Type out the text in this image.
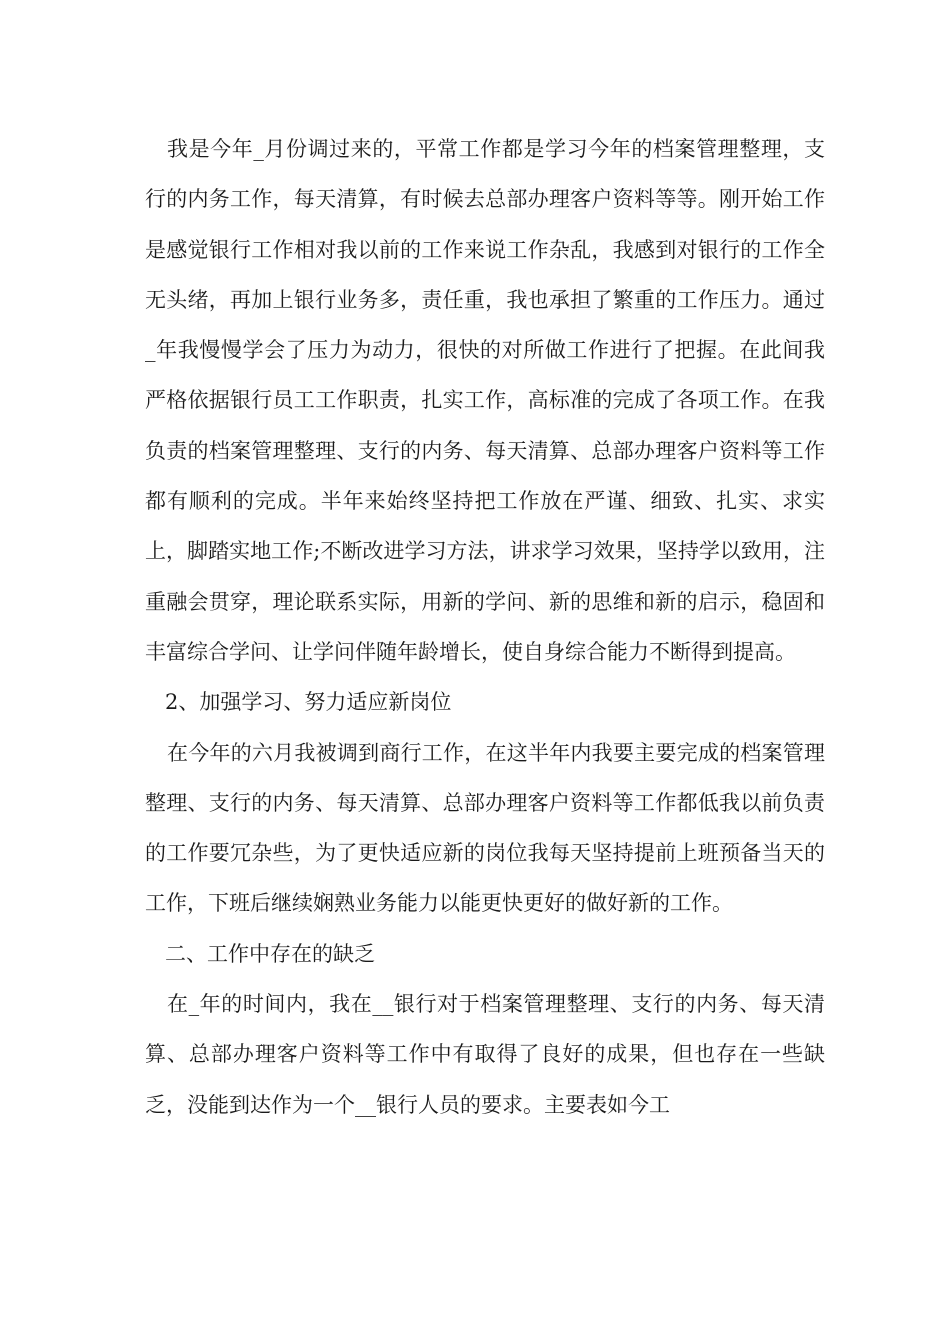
我是今年_月份调过来的，平常工作都是学习今年的档案管理整理，支行的内务工作，每天清算，有时候去总部办理客户资料等等。刚开始工作是感觉银行工作相对我以前的工作来说工作杂乱，我感到对银行的工作全无头绪，再加上银行业务多，责任重，我也承担了繁重的工作压力。通过_年我慢慢学会了压力为动力，很快的对所做工作进行了把握。在此间我严格依据银行员工工作职责，扎实工作，高标准的完成了各项工作。在我负责的档案管理整理、支行的内务、每天清算、总部办理客户资料等工作都有顺利的完成。半年来始终坚持把工作放在严谨、细致、扎实、求实上，脚踏实地工作;不断改进学习方法，讲求学习效果，坚持学以致用，注重融会贯穿，理论联系实际，用新的学问、新的思维和新的启示，稳固和丰富综合学问、让学问伴随年龄增长，使自身综合能力不断得到提高。

2、加强学习、努力适应新岗位

在今年的六月我被调到商行工作，在这半年内我要主要完成的档案管理整理、支行的内务、每天清算、总部办理客户资料等工作都低我以前负责的工作要冗杂些，为了更快适应新的岗位我每天坚持提前上班预备当天的工作，下班后继续娴熟业务能力以能更快更好的做好新的工作。

二、工作中存在的缺乏

在_年的时间内，我在__银行对于档案管理整理、支行的内务、每天清算、总部办理客户资料等工作中有取得了良好的成果，但也存在一些缺乏，没能到达作为一个__银行人员的要求。主要表如今工
